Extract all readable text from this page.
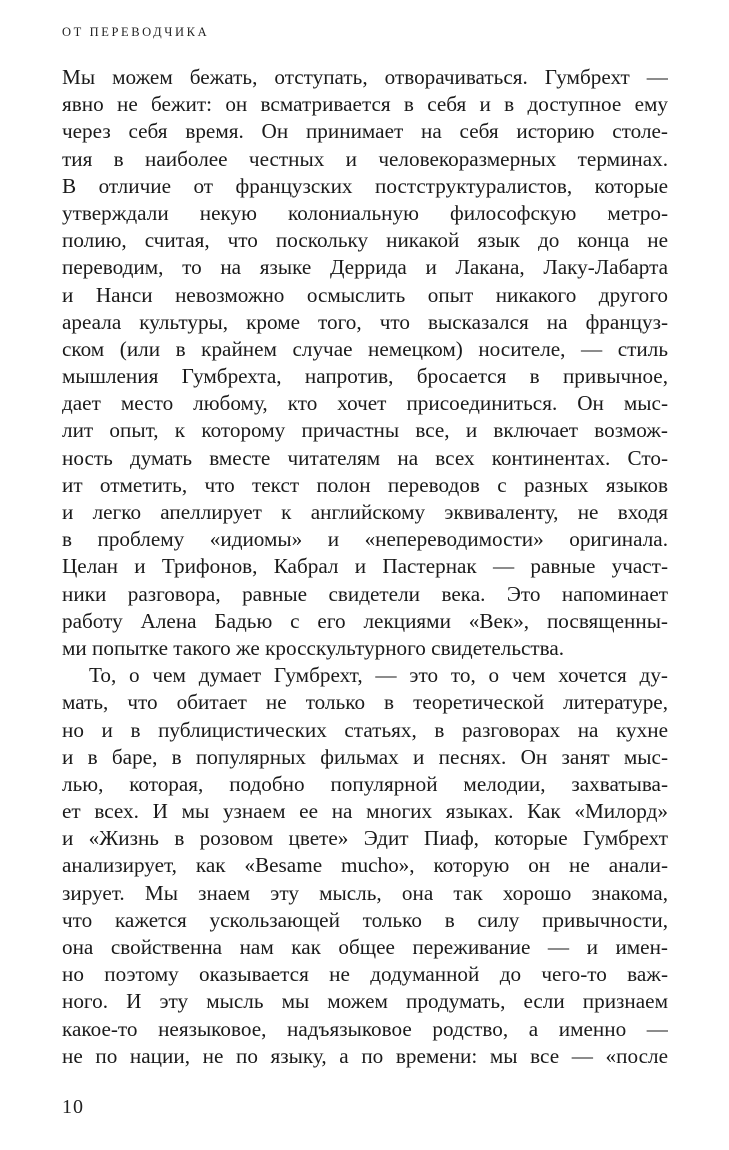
ОТ ПЕРЕВОДЧИКА
Мы можем бежать, отступать, отворачиваться. Гумбрехт —
явно не бежит: он всматривается в себя и в доступное ему
через себя время. Он принимает на себя историю столе-
тия в наиболее честных и человекоразмерных терминах.
В отличие от французских постструктуралистов, которые
утверждали некую колониальную философскую метро-
полию, считая, что поскольку никакой язык до конца не
переводим, то на языке Деррида и Лакана, Лаку-Лабарта
и Нанси невозможно осмыслить опыт никакого другого
ареала культуры, кроме того, что высказался на француз-
ском (или в крайнем случае немецком) носителе, — стиль
мышления Гумбрехта, напротив, бросается в привычное,
дает место любому, кто хочет присоединиться. Он мыс-
лит опыт, к которому причастны все, и включает возмож-
ность думать вместе читателям на всех континентах. Сто-
ит отметить, что текст полон переводов с разных языков
и легко апеллирует к английскому эквиваленту, не входя
в проблему «идиомы» и «непереводимости» оригинала.
Целан и Трифонов, Кабрал и Пастернак — равные участ-
ники разговора, равные свидетели века. Это напоминает
работу Алена Бадью с его лекциями «Век», посвященны-
ми попытке такого же кросскультурного свидетельства.
То, о чем думает Гумбрехт, — это то, о чем хочется ду-
мать, что обитает не только в теоретической литературе,
но и в публицистических статьях, в разговорах на кухне
и в баре, в популярных фильмах и песнях. Он занят мыс-
лью, которая, подобно популярной мелодии, захватыва-
ет всех. И мы узнаем ее на многих языках. Как «Милорд»
и «Жизнь в розовом цвете» Эдит Пиаф, которые Гумбрехт
анализирует, как «Besame mucho», которую он не анали-
зирует. Мы знаем эту мысль, она так хорошо знакома,
что кажется ускользающей только в силу привычности,
она свойственна нам как общее переживание — и имен-
но поэтому оказывается не додуманной до чего-то важ-
ного. И эту мысль мы можем продумать, если признаем
какое-то неязыковое, надъязыковое родство, а именно —
не по нации, не по языку, а по времени: мы все — «после
10
